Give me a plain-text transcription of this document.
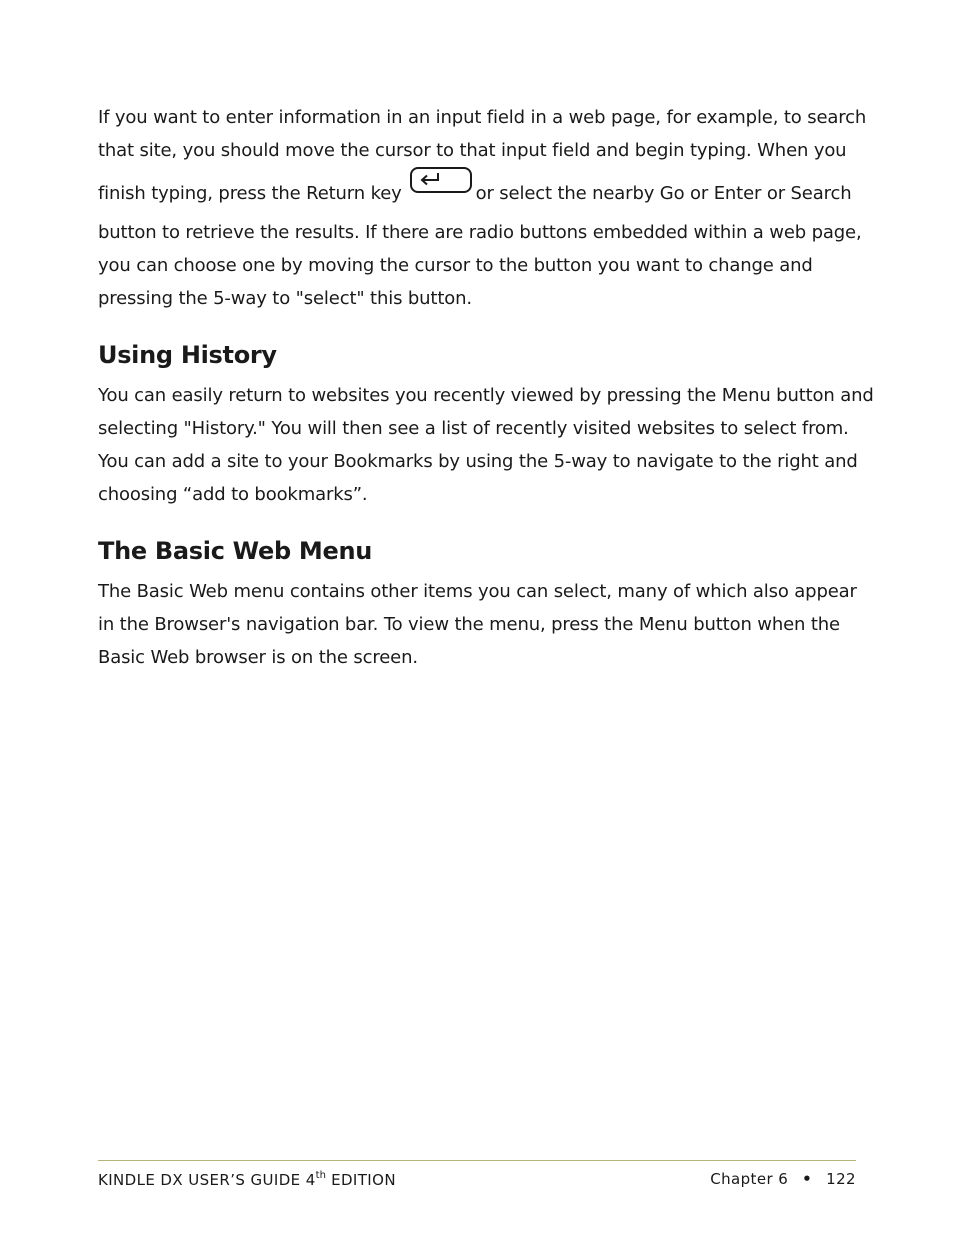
If you want to enter information in an input field in a web page, for example, to search
that site, you should move the cursor to that input field and begin typing. When you
finish typing, press the Return key	or select the nearby Go or Enter or Search
button to retrieve the results. If there are radio buttons embedded within a web page,
you can choose one by moving the cursor to the button you want to change and
pressing the 5-way to "select" this button.

Using History

You can easily return to websites you recently viewed by pressing the Menu button and
selecting "History." You will then see a list of recently visited websites to select from.
You can add a site to your Bookmarks by using the 5-way to navigate to the right and
choosing “add to bookmarks”.

The Basic Web Menu

The Basic Web menu contains other items you can select, many of which also appear
in the Browser's navigation bar. To view the menu, press the Menu button when the
Basic Web browser is on the screen.

KINDLE DX USER’S GUIDE 4th EDITION	Chapter 6 • 122
